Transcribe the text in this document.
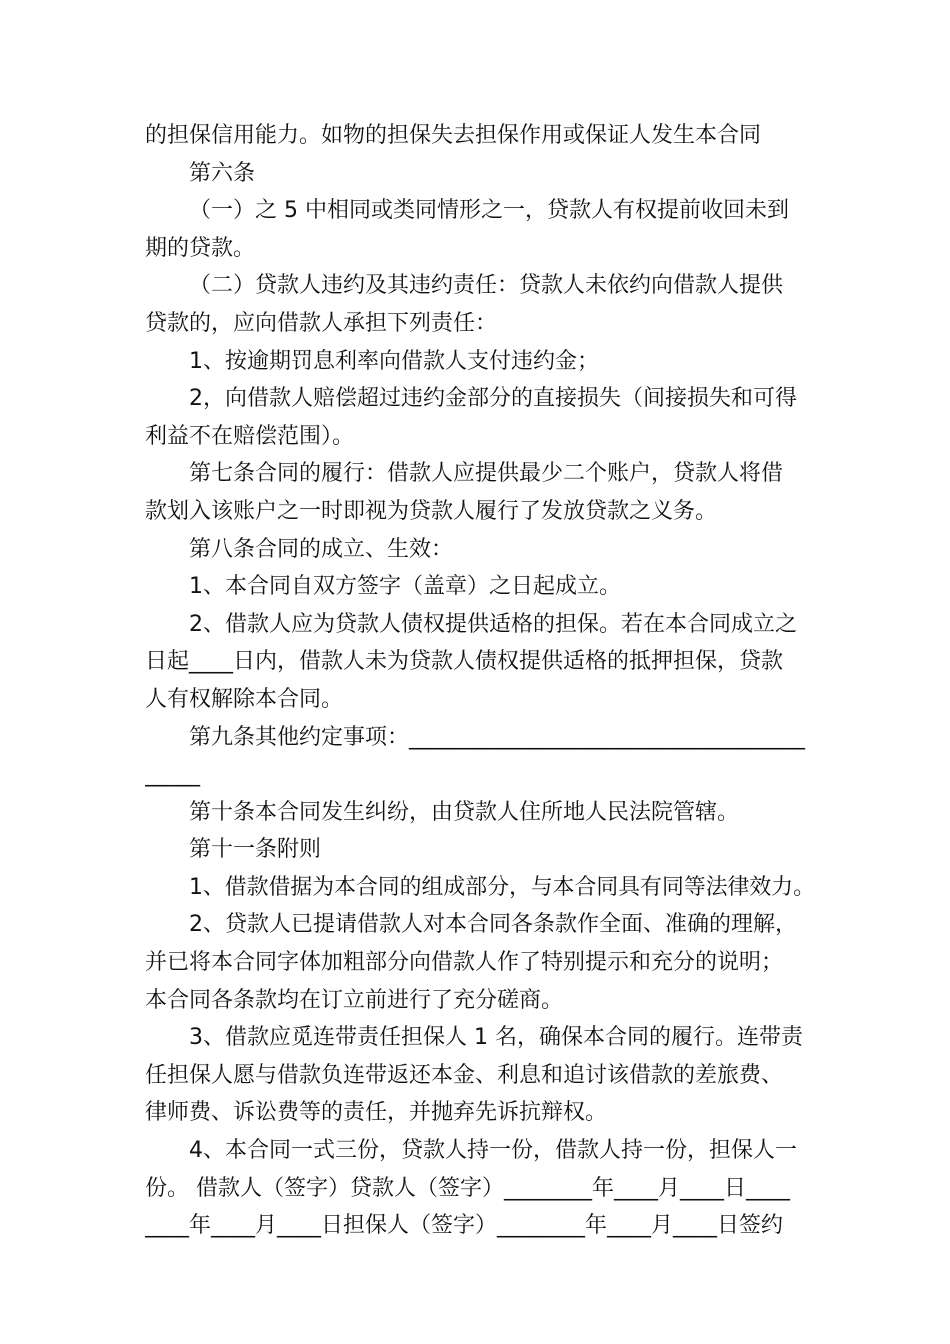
的担保信用能力。如物的担保失去担保作用或保证人发生本合同
第六条
（一）之 5 中相同或类同情形之一，贷款人有权提前收回未到
期的贷款。
（二）贷款人违约及其违约责任：贷款人未依约向借款人提供
贷款的，应向借款人承担下列责任：
1、按逾期罚息利率向借款人支付违约金；
2，向借款人赔偿超过违约金部分的直接损失（间接损失和可得
利益不在赔偿范围）。
第七条合同的履行：借款人应提供最少二个账户，贷款人将借
款划入该账户之一时即视为贷款人履行了发放贷款之义务。
第八条合同的成立、生效：
1、本合同自双方签字（盖章）之日起成立。
2、借款人应为贷款人债权提供适格的担保。若在本合同成立之
日起____日内，借款人未为贷款人债权提供适格的抵押担保，贷款
人有权解除本合同。
第九条其他约定事项：____________________________________
_____
第十条本合同发生纠纷，由贷款人住所地人民法院管辖。
第十一条附则
1、借款借据为本合同的组成部分，与本合同具有同等法律效力。
2、贷款人已提请借款人对本合同各条款作全面、准确的理解，
并已将本合同字体加粗部分向借款人作了特别提示和充分的说明；
本合同各条款均在订立前进行了充分磋商。
3、借款应觅连带责任担保人 1 名，确保本合同的履行。连带责
任担保人愿与借款负连带返还本金、利息和追讨该借款的差旅费、
律师费、诉讼费等的责任，并抛弃先诉抗辩权。
4、本合同一式三份，贷款人持一份，借款人持一份，担保人一
份。 借款人（签字）贷款人（签字）________年____月____日____
____年____月____日担保人（签字）________年____月____日签约
